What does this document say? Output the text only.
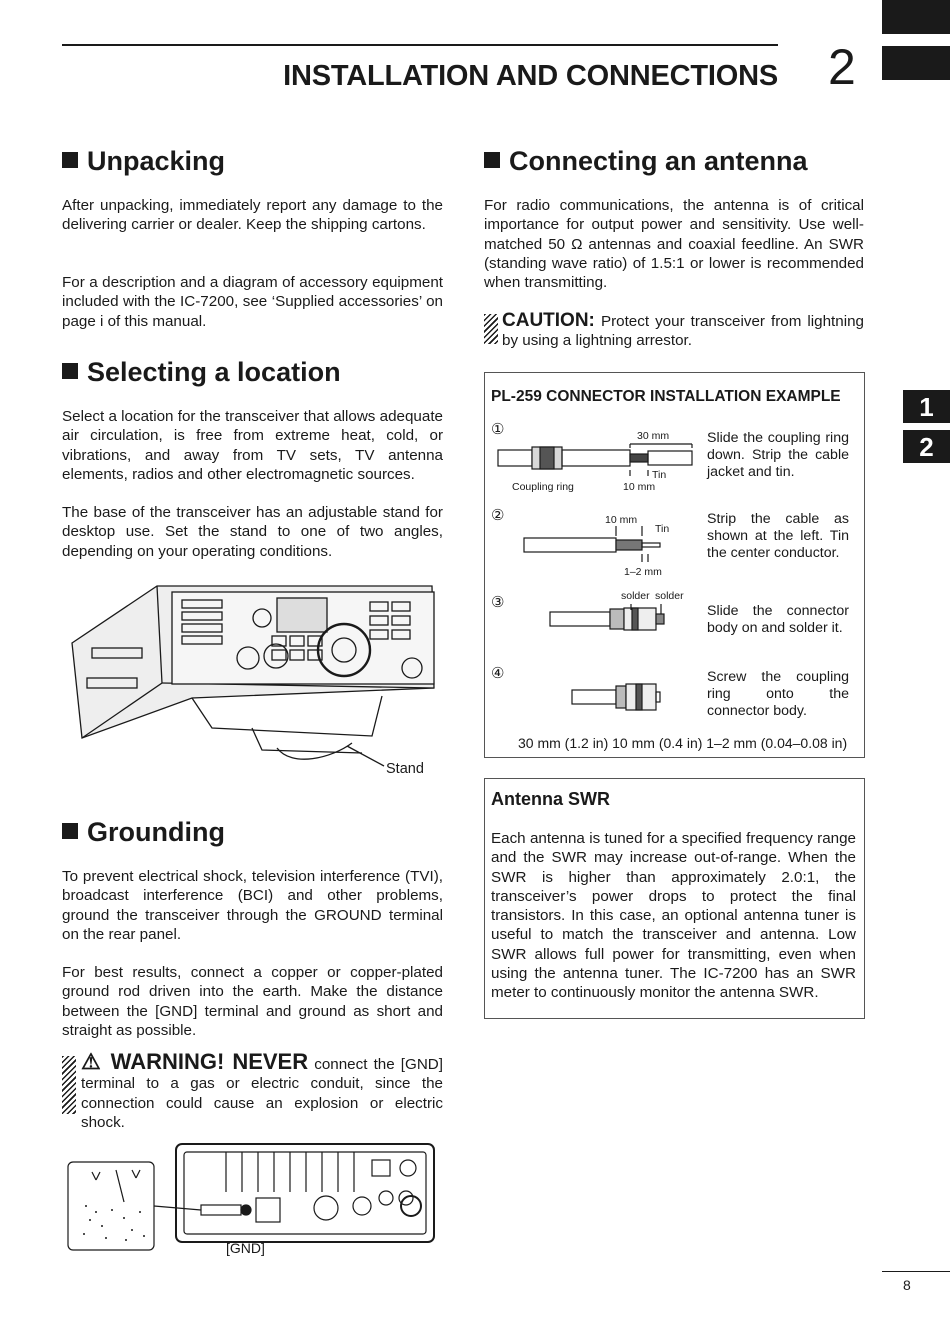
INSTALLATION AND CONNECTIONS 2
1
2
Unpacking
After unpacking, immediately report any damage to the delivering carrier or dealer. Keep the shipping cartons.
For a description and a diagram of accessory equipment included with the IC-7200, see ‘Supplied accessories’ on page i of this manual.
Selecting a location
Select a location for the transceiver that allows adequate air circulation, is free from extreme heat, cold, or vibrations, and away from TV sets, TV antenna elements, radios and other electromagnetic sources.
The base of the transceiver has an adjustable stand for desktop use. Set the stand to one of two angles, depending on your operating conditions.
Stand
Grounding
To prevent electrical shock, television interference (TVI), broadcast interference (BCI) and other problems, ground the transceiver through the GROUND terminal on the rear panel.
For best results, connect a copper or copper-plated ground rod driven into the earth. Make the distance between the [GND] terminal and ground as short and straight as possible.
⚠ WARNING! NEVER connect the [GND] terminal to a gas or electric conduit, since the connection could cause an explosion or electric shock.
[GND]
Connecting an antenna
For radio communications, the antenna is of critical importance for output power and sensitivity. Use well-matched 50 Ω antennas and coaxial feedline. An SWR (standing wave ratio) of 1.5:1 or lower is recommended when transmitting.
CAUTION: Protect your transceiver from lightning by using a lightning arrestor.
PL-259 CONNECTOR INSTALLATION EXAMPLE
①	30 mm
Tin
Coupling ring	10 mm
Slide the coupling ring down. Strip the cable jacket and tin.
②	10 mm
Tin
1–2 mm
Strip the cable as shown at the left. Tin the center conductor.
③	solder solder
Slide the connector body on and solder it.
④	Screw the coupling ring onto the connector body.
30 mm (1.2 in) 10 mm (0.4 in) 1–2 mm (0.04–0.08 in)
Antenna SWR
Each antenna is tuned for a specified frequency range and the SWR may increase out-of-range. When the SWR is higher than approximately 2.0:1, the transceiver’s power drops to protect the final transistors. In this case, an optional antenna tuner is useful to match the transceiver and antenna. Low SWR allows full power for transmitting, even when using the antenna tuner. The IC-7200 has an SWR meter to continuously monitor the antenna SWR.
8
